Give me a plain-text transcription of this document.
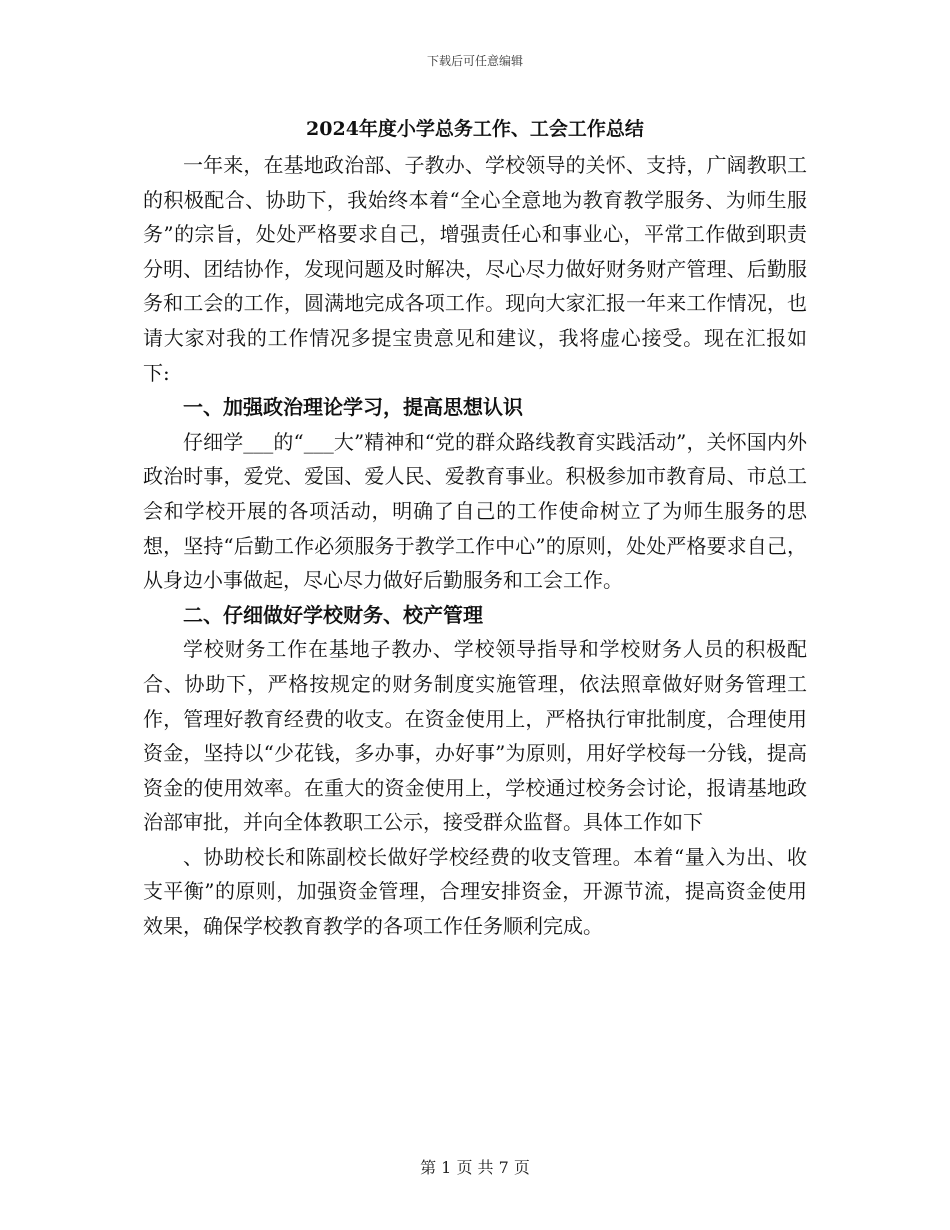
下载后可任意编辑
2024年度小学总务工作、工会工作总结

一年来，在基地政治部、子教办、学校领导的关怀、支持，广阔教职工的积极配合、协助下，我始终本着“全心全意地为教育教学服务、为师生服务”的宗旨，处处严格要求自己，增强责任心和事业心，平常工作做到职责分明、团结协作，发现问题及时解决，尽心尽力做好财务财产管理、后勤服务和工会的工作，圆满地完成各项工作。现向大家汇报一年来工作情况，也请大家对我的工作情况多提宝贵意见和建议，我将虚心接受。现在汇报如下:

一、加强政治理论学习，提高思想认识

仔细学___的“___大”精神和“党的群众路线教育实践活动”，关怀国内外政治时事，爱党、爱国、爱人民、爱教育事业。积极参加市教育局、市总工会和学校开展的各项活动，明确了自己的工作使命树立了为师生服务的思想，坚持“后勤工作必须服务于教学工作中心”的原则，处处严格要求自己，从身边小事做起，尽心尽力做好后勤服务和工会工作。

二、仔细做好学校财务、校产管理

学校财务工作在基地子教办、学校领导指导和学校财务人员的积极配合、协助下，严格按规定的财务制度实施管理，依法照章做好财务管理工作，管理好教育经费的收支。在资金使用上，严格执行审批制度，合理使用资金，坚持以“少花钱，多办事，办好事”为原则，用好学校每一分钱，提高资金的使用效率。在重大的资金使用上，学校通过校务会讨论，报请基地政治部审批，并向全体教职工公示，接受群众监督。具体工作如下

、协助校长和陈副校长做好学校经费的收支管理。本着“量入为出、收支平衡”的原则，加强资金管理，合理安排资金，开源节流，提高资金使用效果，确保学校教育教学的各项工作任务顺利完成。

第 1 页 共 7 页
